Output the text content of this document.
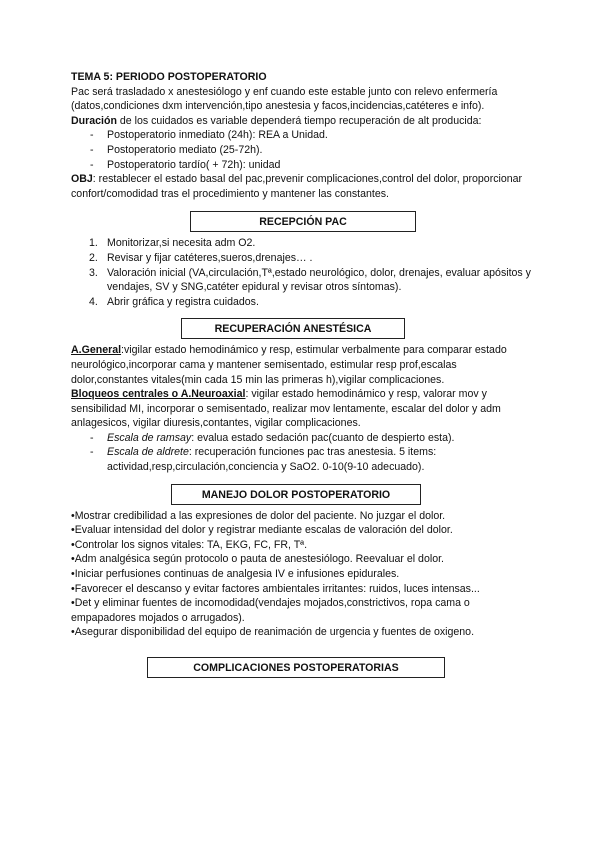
TEMA 5: PERIODO POSTOPERATORIO

Pac será trasladado x anestesiólogo y enf cuando este estable junto con relevo enfermería (datos,condiciones dxm intervención,tipo anestesia y facos,incidencias,catéteres e info).

Duración de los cuidados es variable dependerá tiempo recuperación de alt producida:

- Postoperatorio inmediato (24h): REA a Unidad.
- Postoperatorio mediato (25-72h).
- Postoperatorio tardío( + 72h): unidad

OBJ: restablecer el estado basal del pac,prevenir complicaciones,control del dolor, proporcionar confort/comodidad tras el procedimiento y mantener las constantes.

RECEPCIÓN PAC
1. Monitorizar,si necesita adm O2.
2. Revisar y fijar catéteres,sueros,drenajes… .
3. Valoración inicial (VA,circulación,Tª,estado neurológico, dolor, drenajes, evaluar apósitos y vendajes, SV y SNG,catéter epidural y revisar otros síntomas).
4. Abrir gráfica y registra cuidados.
RECUPERACIÓN ANESTÉSICA

A.General:vigilar estado hemodinámico y resp, estimular verbalmente para comparar estado neurológico,incorporar cama y mantener semisentado, estimular resp prof,escalas dolor,constantes vitales(min cada 15 min las primeras h),vigilar complicaciones.

Bloqueos centrales o A.Neuroaxial: vigilar estado hemodinámico y resp, valorar mov y sensibilidad MI, incorporar o semisentado, realizar mov lentamente, escalar del dolor y adm anlagesicos, vigilar diuresis,contantes, vigilar complicaciones.

- Escala de ramsay: evalua estado sedación pac(cuanto de despierto esta).
- Escala de aldrete: recuperación funciones pac tras anestesia. 5 items: actividad,resp,circulación,conciencia y SaO2. 0-10(9-10 adecuado).
MANEJO DOLOR POSTOPERATORIO

•Mostrar credibilidad a las expresiones de dolor del paciente. No juzgar el dolor.

•Evaluar intensidad del dolor y registrar mediante escalas de valoración del dolor.

•Controlar los signos vitales: TA, EKG, FC, FR, Tª.

•Adm analgésica según protocolo o pauta de anestesiólogo. Reevaluar el dolor.

•Iniciar perfusiones continuas de analgesia IV e infusiones epidurales.

•Favorecer el descanso y evitar factores ambientales irritantes: ruidos, luces intensas...

•Det y eliminar fuentes de incomodidad(vendajes mojados,constrictivos, ropa cama o empapadores mojados o arrugados).

•Asegurar disponibilidad del equipo de reanimación de urgencia y fuentes de oxigeno.

COMPLICACIONES POSTOPERATORIAS
